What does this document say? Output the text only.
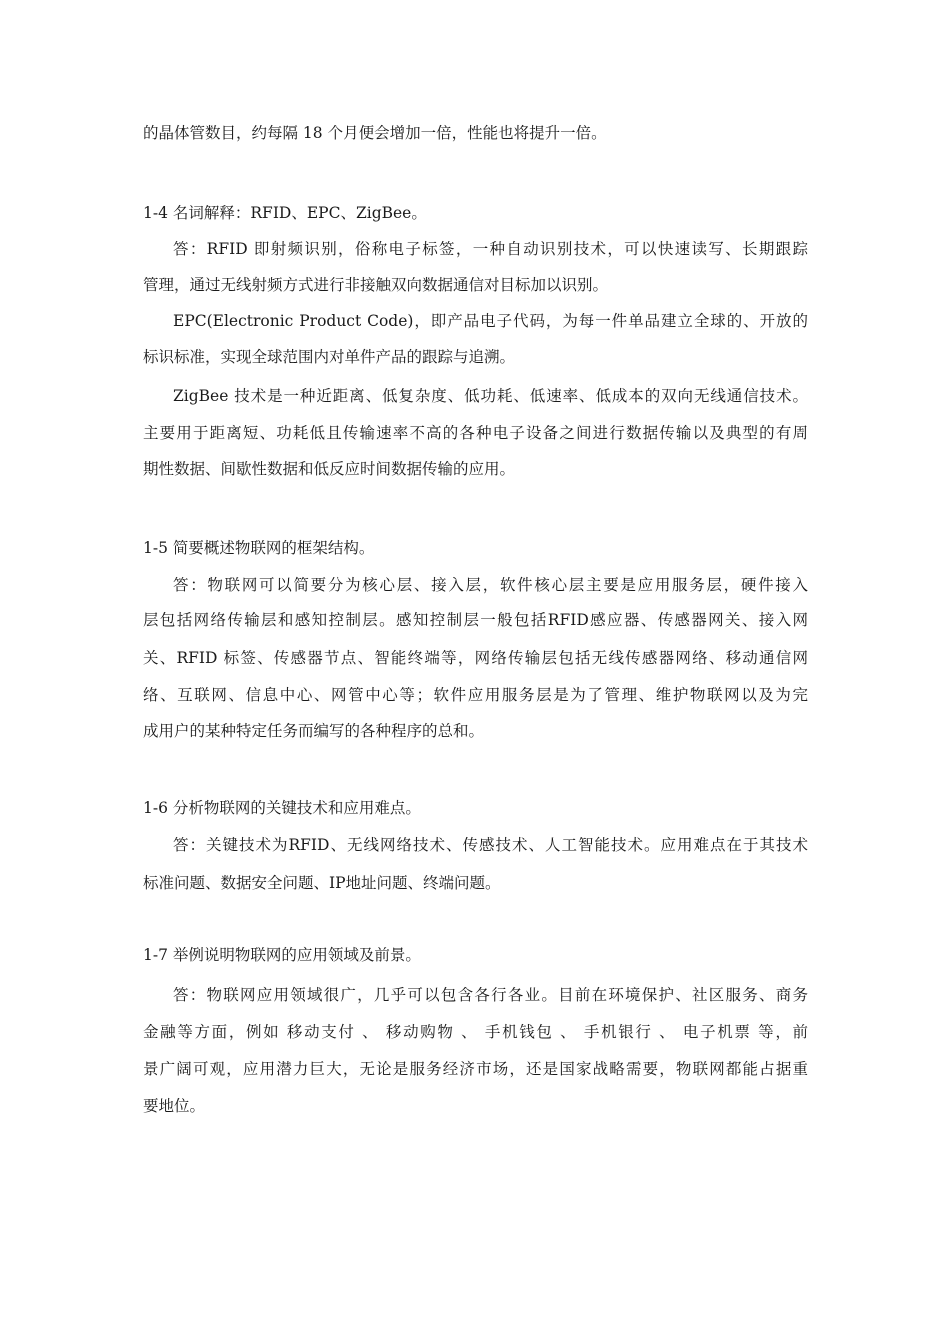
的晶体管数目，约每隔 18 个月便会增加一倍，性能也将提升一倍。
1-4 名词解释：RFID、EPC、ZigBee。
答：RFID 即射频识别，俗称电子标签，一种自动识别技术，可以快速读写、长期跟踪
管理，通过无线射频方式进行非接触双向数据通信对目标加以识别。
EPC(Electronic Product Code)，即产品电子代码，为每一件单品建立全球的、开放的
标识标准，实现全球范围内对单件产品的跟踪与追溯。
ZigBee 技术是一种近距离、低复杂度、低功耗、低速率、低成本的双向无线通信技术。
主要用于距离短、功耗低且传输速率不高的各种电子设备之间进行数据传输以及典型的有周
期性数据、间歇性数据和低反应时间数据传输的应用。
1-5 简要概述物联网的框架结构。
答：物联网可以简要分为核心层、接入层，软件核心层主要是应用服务层，硬件接入
层包括网络传输层和感知控制层。感知控制层一般包括RFID感应器、传感器网关、接入网
关、RFID 标签、传感器节点、智能终端等，网络传输层包括无线传感器网络、移动通信网
络、互联网、信息中心、网管中心等；软件应用服务层是为了管理、维护物联网以及为完
成用户的某种特定任务而编写的各种程序的总和。
1-6 分析物联网的关键技术和应用难点。
答：关键技术为RFID、无线网络技术、传感技术、人工智能技术。应用难点在于其技术
标准问题、数据安全问题、IP地址问题、终端问题。
1-7 举例说明物联网的应用领域及前景。
答：物联网应用领域很广，几乎可以包含各行各业。目前在环境保护、社区服务、商务
金融等方面，例如 移动支付 、 移动购物 、 手机钱包 、 手机银行 、 电子机票 等，前
景广阔可观，应用潜力巨大，无论是服务经济市场，还是国家战略需要，物联网都能占据重
要地位。
